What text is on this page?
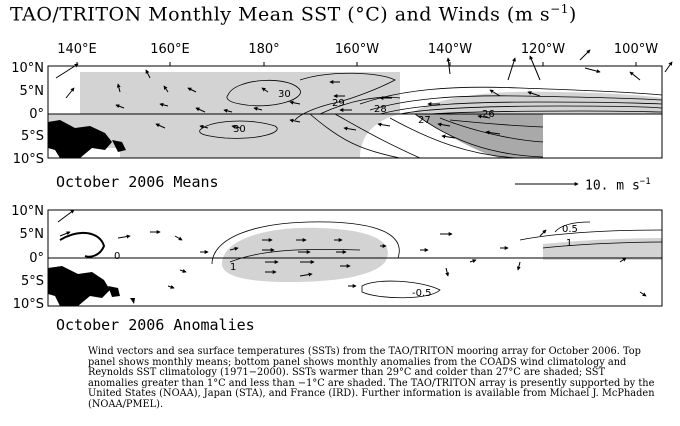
TAO/TRITON Monthly Mean SST (°C) and Winds (m $s^{-1}$)
140°E	160°E	180°	160°W	140°W	120°W	100°W
10°N
5°N
0°
5°S
10°S
10°N
5°N
0°
5°S
10°S
30
30
29
28
27
26
0
0.5
1
1
-0.5
October 2006 Means	10. m $s^{-1}$
October 2006 Anomalies

Wind vectors and sea surface temperatures (SSTs) from the TAO/TRITON mooring array for October 2006. Top panel shows monthly means; bottom panel shows monthly anomalies from the COADS wind climatology and Reynolds SST climatology (1971−2000). SSTs warmer than 29°C and colder than 27°C are shaded; SST anomalies greater than 1°C and less than −1°C are shaded. The TAO/TRITON array is presently supported by the United States (NOAA), Japan (STA), and France (IRD). Further information is available from Michael J. McPhaden (NOAA/PMEL).
